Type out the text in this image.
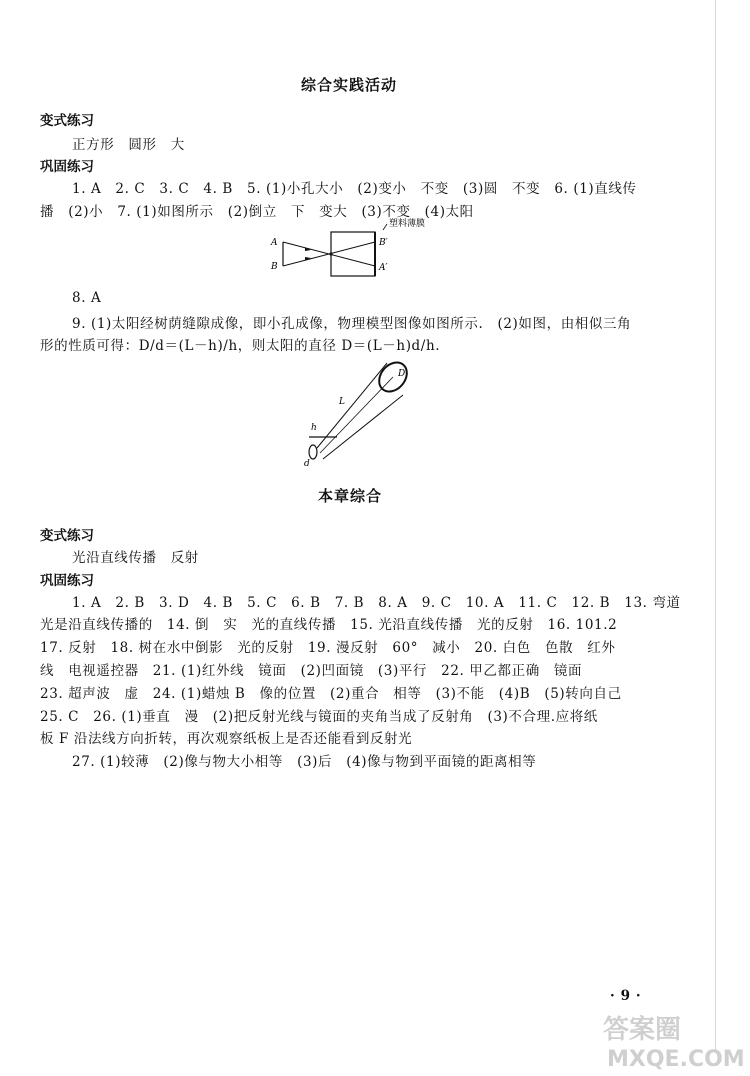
综合实践活动
变式练习
正方形　圆形　大
巩固练习
1. A　2. C　3. C　4. B　5. (1)小孔大小　(2)变小　不变　(3)圆　不变　6. (1)直线传
播　(2)小　7. (1)如图所示　(2)倒立　下　变大　(3)不变　(4)太阳
塑料薄膜
A
B
B′
A′
8. A
9. (1)太阳经树荫缝隙成像，即小孔成像，物理模型图像如图所示.　(2)如图，由相似三角
形的性质可得：D/d＝(L－h)/h，则太阳的直径 D＝(L－h)d/h.
D
L
h
d
本章综合
变式练习
光沿直线传播　反射
巩固练习
1. A　2. B　3. D　4. B　5. C　6. B　7. B　8. A　9. C　10. A　11. C　12. B　13. 弯道
光是沿直线传播的　14. 倒　实　光的直线传播　15. 光沿直线传播　光的反射　16. 101.2
17. 反射　18. 树在水中倒影　光的反射　19. 漫反射　60°　减小　20. 白色　色散　红外
线　电视遥控器　21. (1)红外线　镜面　(2)凹面镜　(3)平行　22. 甲乙都正确　镜面
23. 超声波　虚　24. (1)蜡烛 B　像的位置　(2)重合　相等　(3)不能　(4)B　(5)转向自己
25. C　26. (1)垂直　漫　(2)把反射光线与镜面的夹角当成了反射角　(3)不合理.应将纸
板 F 沿法线方向折转，再次观察纸板上是否还能看到反射光
27. (1)较薄　(2)像与物大小相等　(3)后　(4)像与物到平面镜的距离相等
· 9 ·
答案圈
MXQE.COM
